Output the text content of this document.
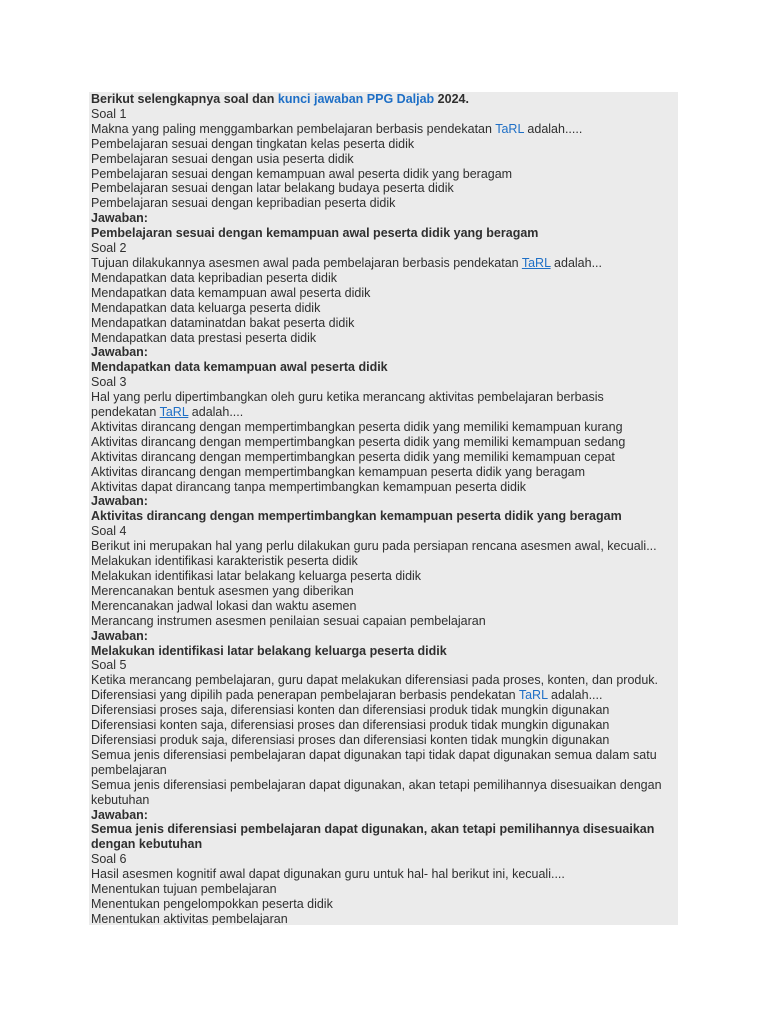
Berikut selengkapnya soal dan kunci jawaban PPG Daljab 2024.
Soal 1
Makna yang paling menggambarkan pembelajaran berbasis pendekatan TaRL adalah.....
Pembelajaran sesuai dengan tingkatan kelas peserta didik
Pembelajaran sesuai dengan usia peserta didik
Pembelajaran sesuai dengan kemampuan awal peserta didik yang beragam
Pembelajaran sesuai dengan latar belakang budaya peserta didik
Pembelajaran sesuai dengan kepribadian peserta didik
Jawaban:
Pembelajaran sesuai dengan kemampuan awal peserta didik yang beragam
Soal 2
Tujuan dilakukannya asesmen awal pada pembelajaran berbasis pendekatan TaRL adalah...
Mendapatkan data kepribadian peserta didik
Mendapatkan data kemampuan awal peserta didik
Mendapatkan data keluarga peserta didik
Mendapatkan dataminatdan bakat peserta didik
Mendapatkan data prestasi peserta didik
Jawaban:
Mendapatkan data kemampuan awal peserta didik
Soal 3
Hal yang perlu dipertimbangkan oleh guru ketika merancang aktivitas pembelajaran berbasis
pendekatan TaRL adalah....
Aktivitas dirancang dengan mempertimbangkan peserta didik yang memiliki kemampuan kurang
Aktivitas dirancang dengan mempertimbangkan peserta didik yang memiliki kemampuan sedang
Aktivitas dirancang dengan mempertimbangkan peserta didik yang memiliki kemampuan cepat
Aktivitas dirancang dengan mempertimbangkan kemampuan peserta didik yang beragam
Aktivitas dapat dirancang tanpa mempertimbangkan kemampuan peserta didik
Jawaban:
Aktivitas dirancang dengan mempertimbangkan kemampuan peserta didik yang beragam
Soal 4
Berikut ini merupakan hal yang perlu dilakukan guru pada persiapan rencana asesmen awal, kecuali...
Melakukan identifikasi karakteristik peserta didik
Melakukan identifikasi latar belakang keluarga peserta didik
Merencanakan bentuk asesmen yang diberikan
Merencanakan jadwal lokasi dan waktu asemen
Merancang instrumen asesmen penilaian sesuai capaian pembelajaran
Jawaban:
Melakukan identifikasi latar belakang keluarga peserta didik
Soal 5
Ketika merancang pembelajaran, guru dapat melakukan diferensiasi pada proses, konten, dan produk.
Diferensiasi yang dipilih pada penerapan pembelajaran berbasis pendekatan TaRL adalah....
Diferensiasi proses saja, diferensiasi konten dan diferensiasi produk tidak mungkin digunakan
Diferensiasi konten saja, diferensiasi proses dan diferensiasi produk tidak mungkin digunakan
Diferensiasi produk saja, diferensiasi proses dan diferensiasi konten tidak mungkin digunakan
Semua jenis diferensiasi pembelajaran dapat digunakan tapi tidak dapat digunakan semua dalam satu pembelajaran
Semua jenis diferensiasi pembelajaran dapat digunakan, akan tetapi pemilihannya disesuaikan dengan kebutuhan
Jawaban:
Semua jenis diferensiasi pembelajaran dapat digunakan, akan tetapi pemilihannya disesuaikan dengan kebutuhan
Soal 6
Hasil asesmen kognitif awal dapat digunakan guru untuk hal- hal berikut ini, kecuali....
Menentukan tujuan pembelajaran
Menentukan pengelompokkan peserta didik
Menentukan aktivitas pembelajaran
